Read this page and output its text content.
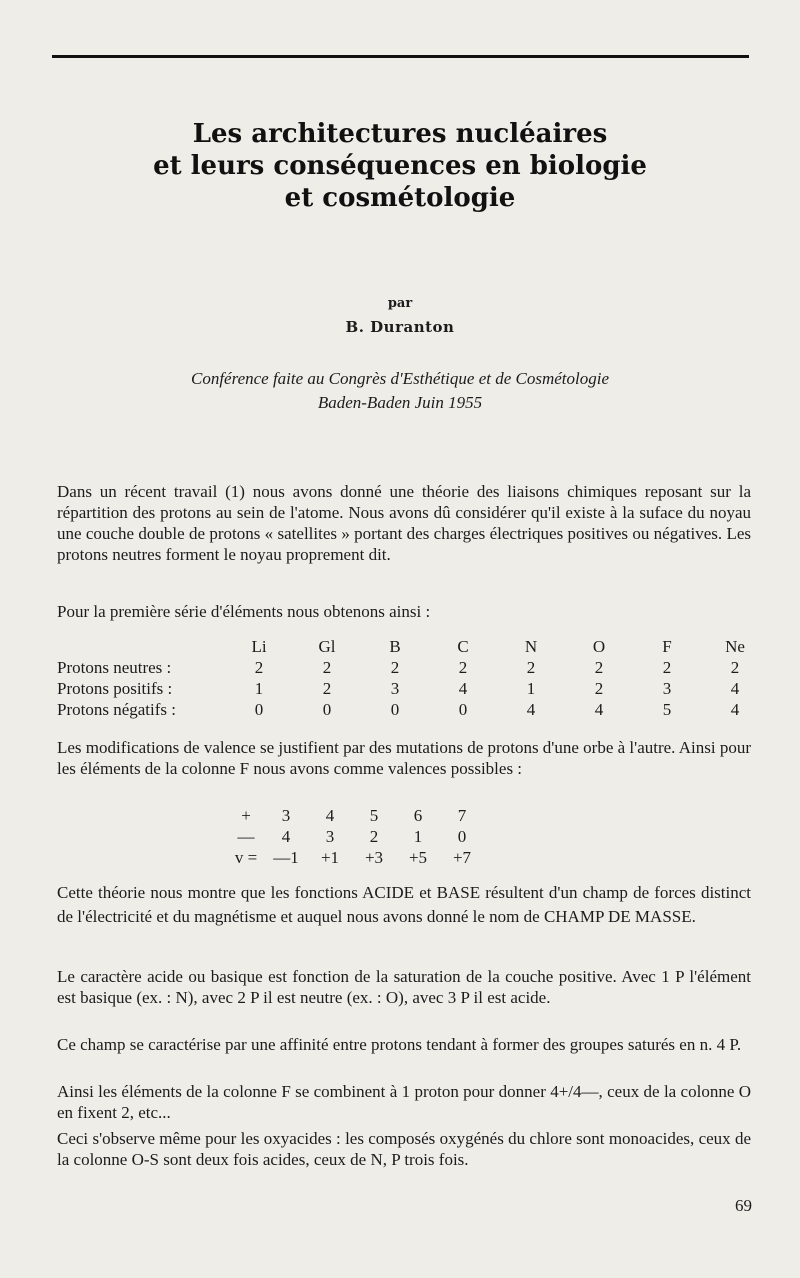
Les architectures nucléaires
et leurs conséquences en biologie
et cosmétologie
par
B. Duranton
Conférence faite au Congrès d'Esthétique et de Cosmétologie
Baden-Baden Juin 1955

Dans un récent travail (1) nous avons donné une théorie des liaisons chimiques reposant sur la répartition des protons au sein de l'atome. Nous avons dû considérer qu'il existe à la suface du noyau une couche double de protons « satellites » portant des charges électriques positives ou négatives. Les protons neutres forment le noyau proprement dit.

Pour la première série d'éléments nous obtenons ainsi :

	Li	Gl	B	C	N	O	F	Ne
Protons neutres :	2	2	2	2	2	2	2	2
Protons positifs :	1	2	3	4	1	2	3	4
Protons négatifs :	0	0	0	0	4	4	5	4

Les modifications de valence se justifient par des mutations de protons d'une orbe à l'autre. Ainsi pour les éléments de la colonne F nous avons comme valences possibles :

+	3	4	5	6	7
—	4	3	2	1	0
v =	—1	+1	+3	+5	+7

Cette théorie nous montre que les fonctions ACIDE et BASE résultent d'un champ de forces distinct de l'électricité et du magnétisme et auquel nous avons donné le nom de CHAMP DE MASSE.

Le caractère acide ou basique est fonction de la saturation de la couche positive. Avec 1 P l'élément est basique (ex. : N), avec 2 P il est neutre (ex. : O), avec 3 P il est acide.

Ce champ se caractérise par une affinité entre protons tendant à former des groupes saturés en n. 4 P.

Ainsi les éléments de la colonne F se combinent à 1 proton pour donner 4+/4—, ceux de la colonne O en fixent 2, etc...

Ceci s'observe même pour les oxyacides : les composés oxygénés du chlore sont monoacides, ceux de la colonne O-S sont deux fois acides, ceux de N, P trois fois.

69
